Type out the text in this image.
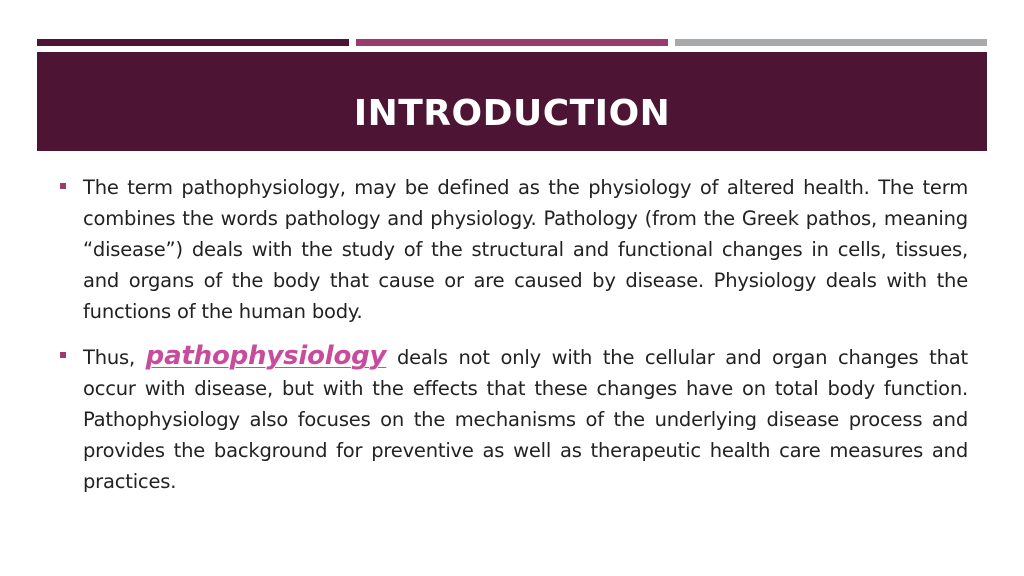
INTRODUCTION

The term pathophysiology, may be defined as the physiology of altered health. The term combines the words pathology and physiology. Pathology (from the Greek pathos, meaning “disease”) deals with the study of the structural and functional changes in cells, tissues, and organs of the body that cause or are caused by disease. Physiology deals with the functions of the human body.

Thus, pathophysiology deals not only with the cellular and organ changes that occur with disease, but with the effects that these changes have on total body function. Pathophysiology also focuses on the mechanisms of the underlying disease process and provides the background for preventive as well as therapeutic health care measures and practices.
